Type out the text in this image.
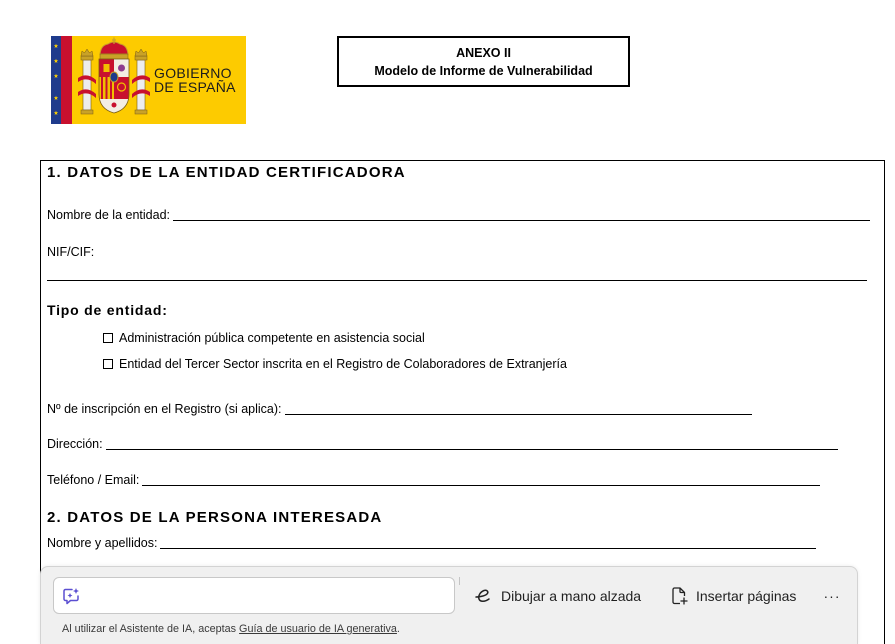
GOBIERNO
DE ESPAÑA
ANEXO II
Modelo de Informe de Vulnerabilidad
1. DATOS DE LA ENTIDAD CERTIFICADORA
Nombre de la entidad:
NIF/CIF:
Tipo de entidad:
Administración pública competente en asistencia social
Entidad del Tercer Sector inscrita en el Registro de Colaboradores de Extranjería
Nº de inscripción en el Registro (si aplica):
Dirección:
Teléfono / Email:
2. DATOS DE LA PERSONA INTERESADA
Nombre y apellidos:
Dibujar a mano alzada	Insertar páginas ···
Al utilizar el Asistente de IA, aceptas Guía de usuario de IA generativa.
